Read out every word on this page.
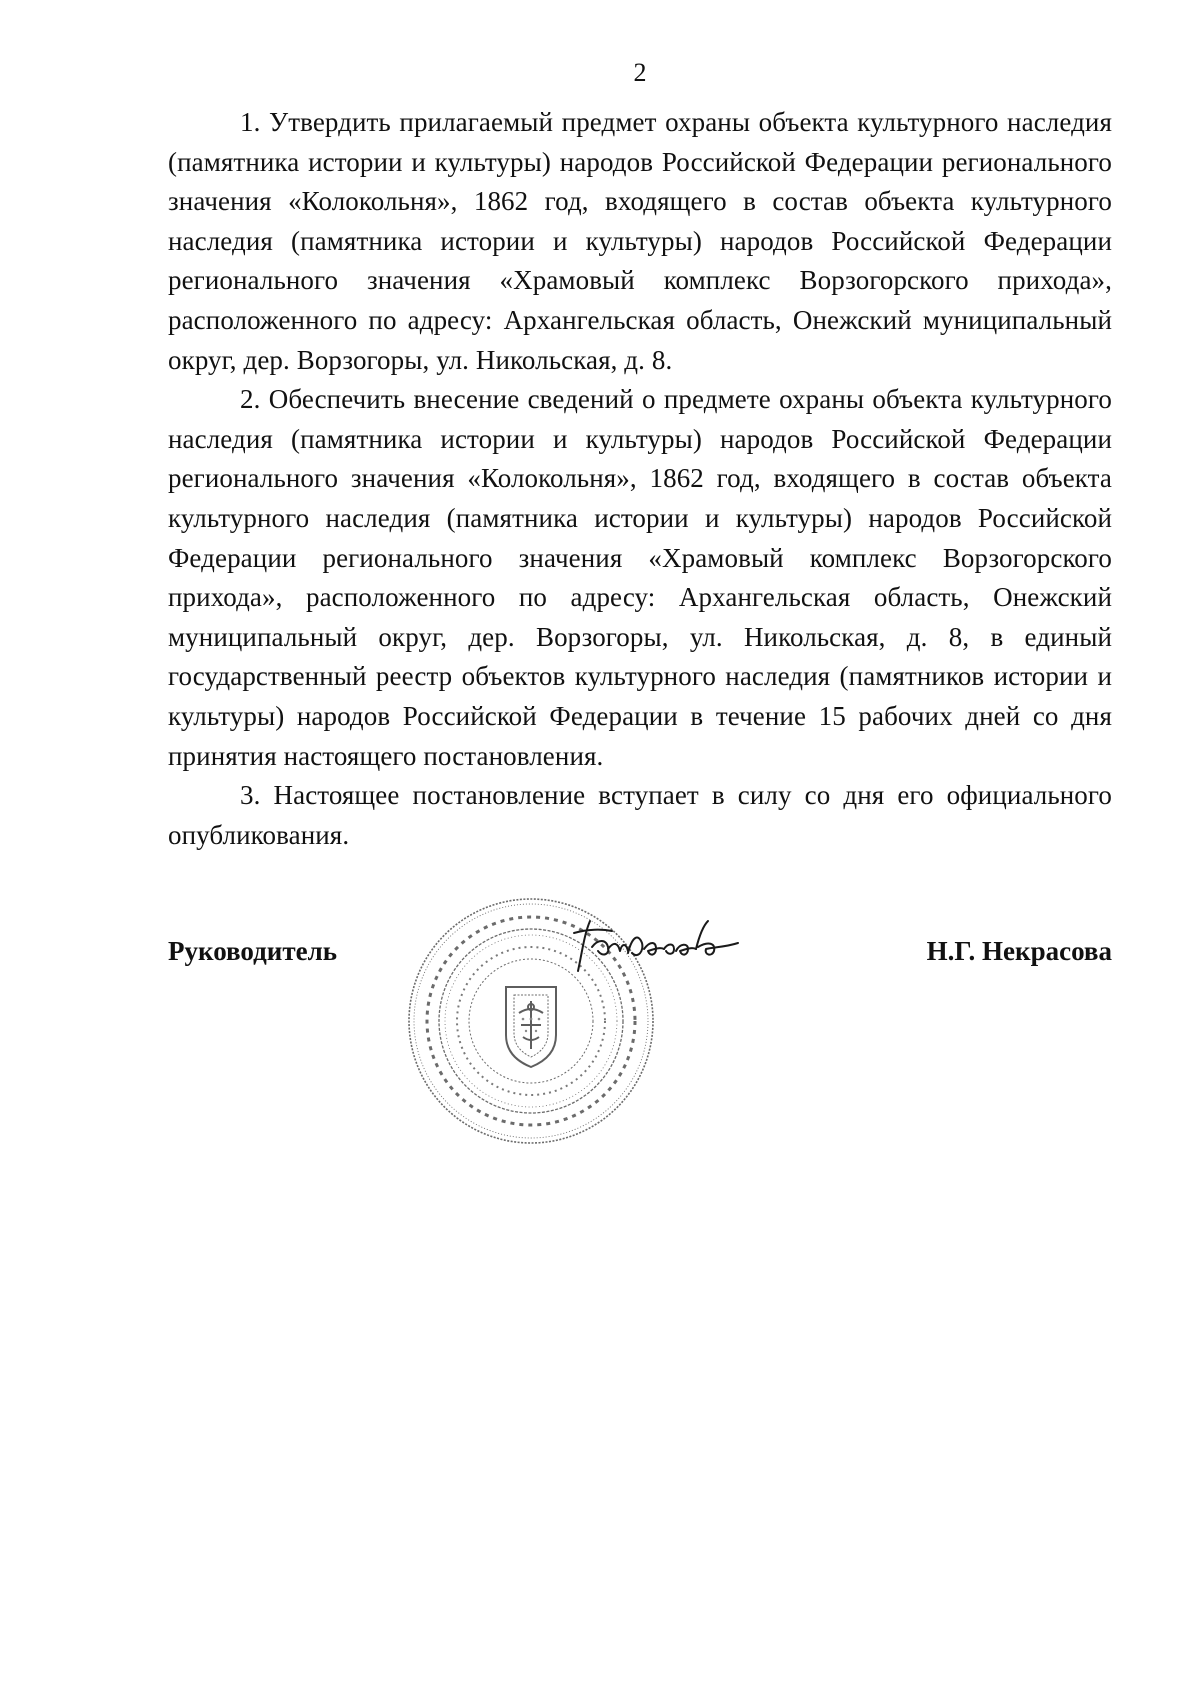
2

1. Утвердить прилагаемый предмет охраны объекта культурного наследия (памятника истории и культуры) народов Российской Федерации регионального значения «Колокольня», 1862 год, входящего в состав объекта культурного наследия (памятника истории и культуры) народов Российской Федерации регионального значения «Храмовый комплекс Ворзогорского прихода», расположенного по адресу: Архангельская область, Онежский муниципальный округ, дер. Ворзогоры, ул. Никольская, д. 8.

2. Обеспечить внесение сведений о предмете охраны объекта культурного наследия (памятника истории и культуры) народов Российской Федерации регионального значения «Колокольня», 1862 год, входящего в состав объекта культурного наследия (памятника истории и культуры) народов Российской Федерации регионального значения «Храмовый комплекс Ворзогорского прихода», расположенного по адресу: Архангельская область, Онежский муниципальный округ, дер. Ворзогоры, ул. Никольская, д. 8, в единый государственный реестр объектов культурного наследия (памятников истории и культуры) народов Российской Федерации в течение 15 рабочих дней со дня принятия настоящего постановления.

3. Настоящее постановление вступает в силу со дня его официального опубликования.

Руководитель	Н.Г. Некрасова
